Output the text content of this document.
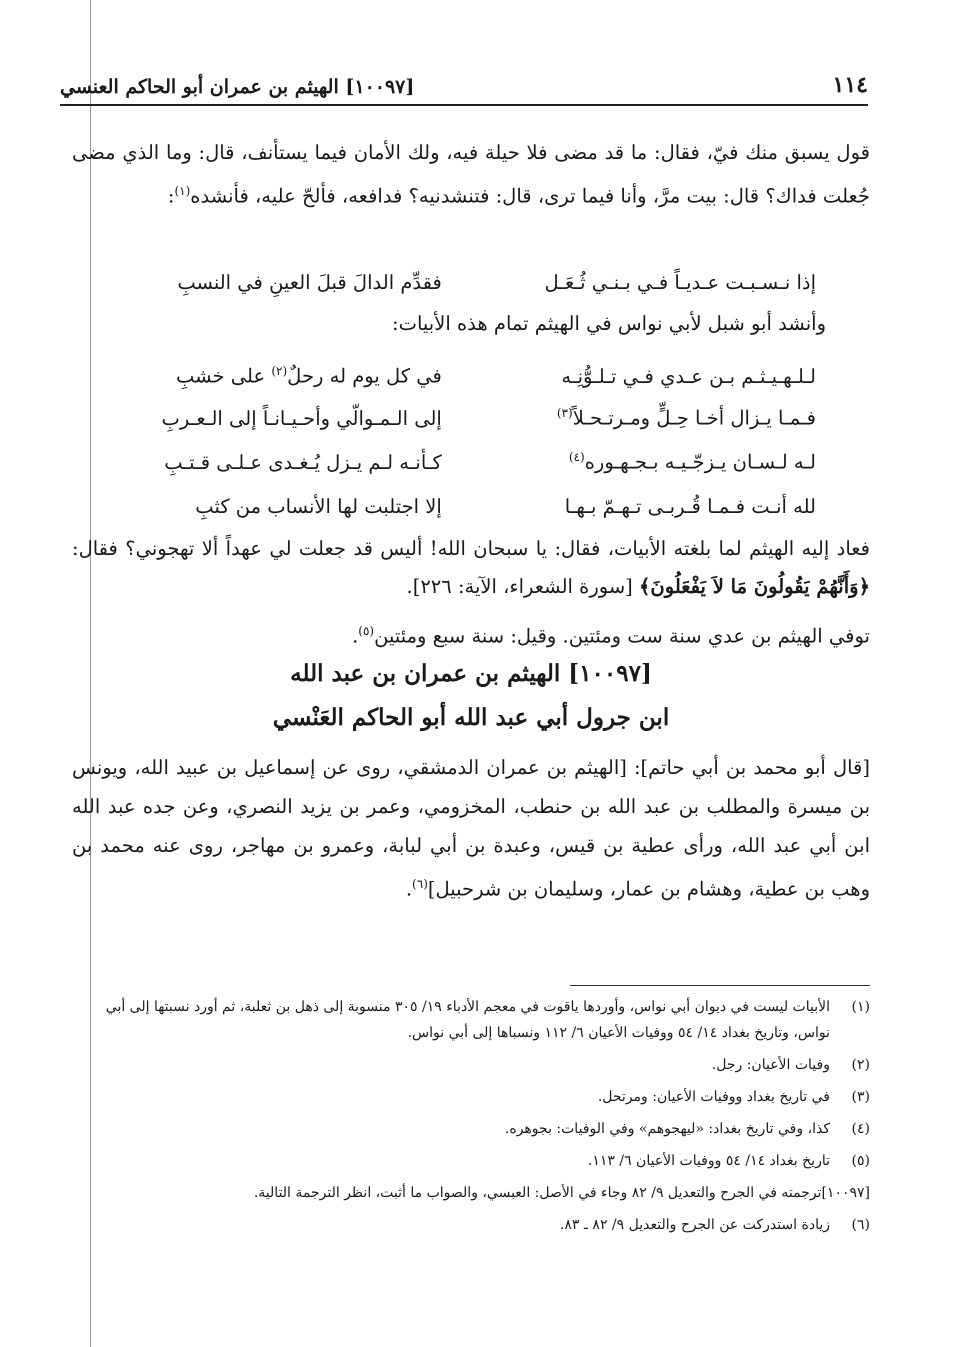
١١٤
[١٠٠٩٧] الهيثم بن عمران أبو الحاكم العنسي

قول يسبق منك فيّ، فقال: ما قد مضى فلا حيلة فيه، ولك الأمان فيما يستأنف، قال: وما الذي مضى جُعلت فداك؟ قال: بيت مرَّ، وأنا فيما ترى، قال: فتنشدنيه؟ فدافعه، فألحّ عليه، فأنشده$^{(١)}$:

إذا نـسـبـت عـديـاً فـي بـنـي ثُـعَـل
فقدِّم الدالَ قبلَ العينِ في النسبِ
وأنشد أبو شبل لأبي نواس في الهيثم تمام هذه الأبيات:
لـلـهـيـثـم بـن عـدي فـي تـلـوُّنِـه
في كل يوم له رحلٌ$^{(٢)}$ على خشبِ
فـمـا يـزال أخـا حِـلٍّ ومـرتـحـلاً$^{(٣)}$
إلى الـمـوالّي وأحـيـانـاً إلى الـعـربِ
لـه لـسـان يـزجّـيـه بـجـهـوره$^{(٤)}$
كـأنـه لـم يـزل يُـغـدى عـلـى قـتـبِ
لله أنـت فـمـا قُـربـى تـهـمّ بـهـا
إلا اجتلبت لها الأنساب من كثبِ

فعاد إليه الهيثم لما بلغته الأبيات، فقال: يا سبحان الله! أليس قد جعلت لي عهداً ألا تهجوني؟ فقال: ﴿وَأَنَّهُمْ يَقُولُونَ مَا لاَ يَفْعَلُونَ﴾ [سورة الشعراء، الآية: ٢٢٦].

توفي الهيثم بن عدي سنة ست ومئتين. وقيل: سنة سبع ومئتين$^{(٥)}$.

[١٠٠٩٧] الهيثم بن عمران بن عبد الله
ابن جرول أبي عبد الله أبو الحاكم العَنْسي

[قال أبو محمد بن أبي حاتم]: [الهيثم بن عمران الدمشقي، روى عن إسماعيل بن عبيد الله، ويونس بن ميسرة والمطلب بن عبد الله بن حنطب، المخزومي، وعمر بن يزيد النصري، وعن جده عبد الله ابن أبي عبد الله، ورأى عطية بن قيس، وعبدة بن أبي لبابة، وعمرو بن مهاجر، روى عنه محمد بن وهب بن عطية، وهشام بن عمار، وسليمان بن شرحبيل]$^{(٦)}$.

(١)
الأبيات ليست في ديوان أبي نواس، وأوردها ياقوت في معجم الأدباء ١٩/ ٣٠٥ منسوبة إلى ذهل بن ثعلبة، ثم أورد نسبتها إلى أبي نواس، وتاريخ بغداد ١٤/ ٥٤ ووفيات الأعيان ٦/ ١١٢ ونسباها إلى أبي نواس.

(٢)
وفيات الأعيان: رجل.

(٣)
في تاريخ بغداد ووفيات الأعيان: ومرتحل.

(٤)
كذا، وفي تاريخ بغداد: «ليهجوهم» وفي الوفيات: بجوهره.

(٥)
تاريخ بغداد ١٤/ ٥٤ ووفيات الأعيان ٦/ ١١٣.

[١٠٠٩٧]
ترجمته في الجرح والتعديل ٩/ ٨٢ وجاء في الأصل: العبسي، والصواب ما أثبت، انظر الترجمة التالية.

(٦)
زيادة استدركت عن الجرح والتعديل ٩/ ٨٢ ـ ٨٣.
